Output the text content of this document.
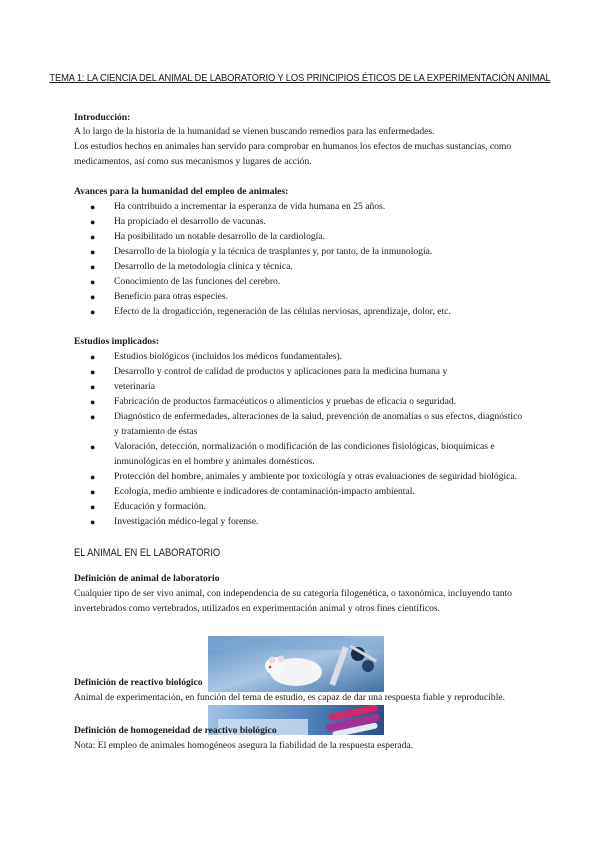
TEMA 1: LA CIENCIA DEL ANIMAL DE LABORATORIO Y LOS PRINCIPIOS ÉTICOS DE LA EXPERIMENTACIÓN ANIMAL
Introducción:
A lo largo de la historia de la humanidad se vienen buscando remedios para las enfermedades.
Los estudios hechos en animales han servido para comprobar en humanos los efectos de muchas sustancias, como
medicamentos, así como sus mecanismos y lugares de acción.
Avances para la humanidad del empleo de animales:
● Ha contribuido a incrementar la esperanza de vida humana en 25 años.
● Ha propiciado el desarrollo de vacunas.
● Ha posibilitado un notable desarrollo de la cardiología.
● Desarrollo de la biología y la técnica de trasplantes y, por tanto, de la inmunología.
● Desarrollo de la metodología clínica y técnica.
● Conocimiento de las funciones del cerebro.
● Beneficio para otras especies.
● Efecto de la drogadicción, regeneración de las células nerviosas, aprendizaje, dolor, etc.
Estudios implicados:
● Estudios biológicos (incluidos los médicos fundamentales).
● Desarrollo y control de calidad de productos y aplicaciones para la medicina humana y
● veterinaria
● Fabricación de productos farmacéuticos o alimenticios y pruebas de eficacia o seguridad.
● Diagnóstico de enfermedades, alteraciones de la salud, prevención de anomalías o sus efectos, diagnóstico
y tratamiento de éstas
● Valoración, detección, normalización o modificación de las condiciones fisiológicas, bioquímicas e
inmunológicas en el hombre y animales domésticos.
● Protección del hombre, animales y ambiente por toxicología y otras evaluaciones de seguridad biológica.
● Ecología, medio ambiente e indicadores de contaminación-impacto ambiental.
● Educación y formación.
● Investigación médico-legal y forense.
EL ANIMAL EN EL LABORATORIO
Definición de animal de laboratorio
Cualquier tipo de ser vivo animal, con independencia de su categoría filogenética, o taxonómica, incluyendo tanto
invertebrados como vertebrados, utilizados en experimentación animal y otros fines científicos.
Definición de reactivo biológico
Animal de experimentación, en función del tema de estudio, es capaz de dar una respuesta fiable y reproducible.
Definición de homogeneidad de reactivo biológico
Nota: El empleo de animales homogéneos asegura la fiabilidad de la respuesta esperada.
